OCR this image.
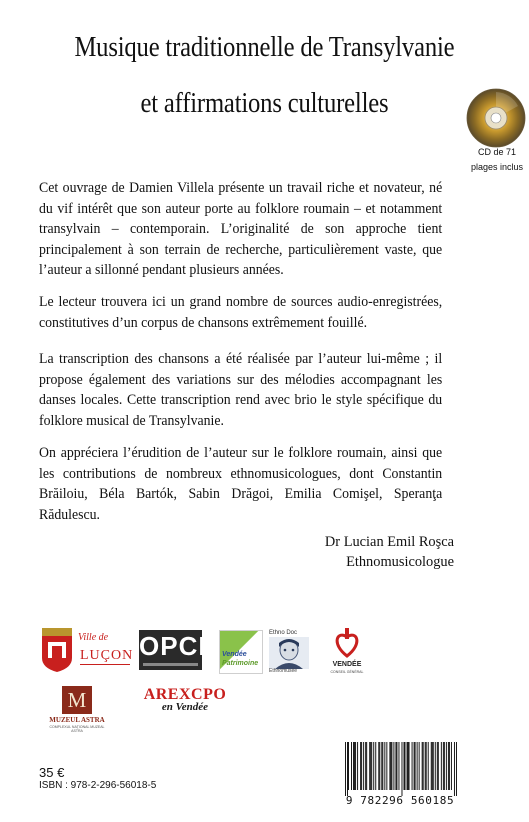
Musique traditionnelle de Transylvanie
et affirmations culturelles
CD de 71
plages inclus
Cet ouvrage de Damien Villela présente un travail riche et novateur, né du vif intérêt que son auteur porte au folklore roumain – et notamment transylvain – contemporain. L’originalité de son approche tient principalement à son terrain de recherche, particulièrement vaste, que l’auteur a sillonné pendant plusieurs années.
Le lecteur trouvera ici un grand nombre de sources audio-enregistrées, constitutives d’un corpus de chansons extrêmement fouillé.
La transcription des chansons a été réalisée par l’auteur lui-même ; il propose également des variations sur des mélodies accompagnant les danses locales. Cette transcription rend avec brio le style spécifique du folklore musical de Transylvanie.
On appréciera l’érudition de l’auteur sur le folklore roumain, ainsi que les contributions de nombreux ethnomusicologues, dont Constantin Brăiloiu, Béla Bartók, Sabin Drăgoi, Emilia Comişel, Speranţa Rădulescu.
Dr Lucian Emil Roşca
Ethnomusicologue
Ville de
LUÇON OPCI Vendée
Patrimoine
Ethno Doc
Ethnomusée
VENDÉE
CONSEIL GÉNÉRAL
M
MUZEUL ASTRA
COMPLEXUL NAŢIONAL MUZEAL ASTRA
AREXCPO
en Vendée
35 €
ISBN : 978-2-296-56018-5
9 782296 560185
